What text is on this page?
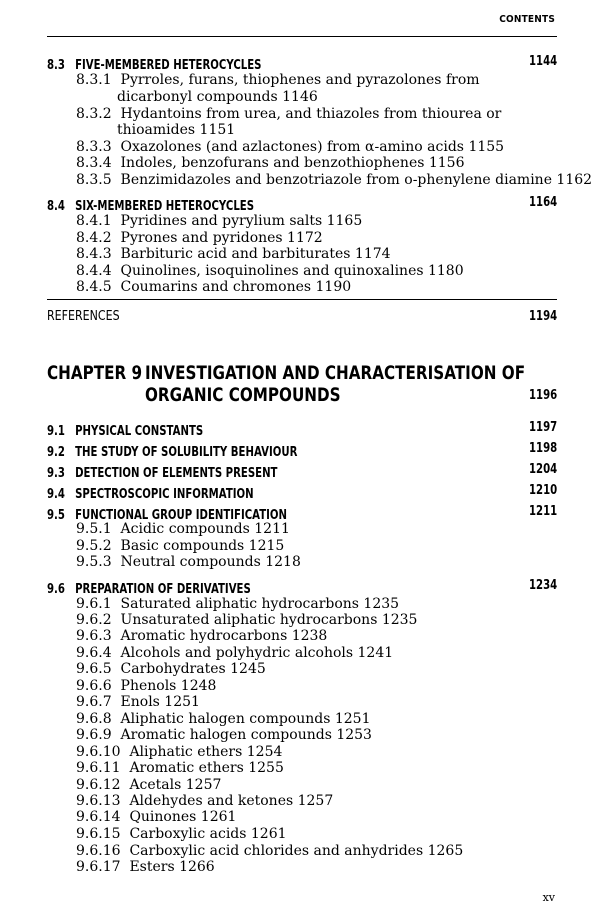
CONTENTS
8.3 FIVE-MEMBERED HETEROCYCLES	1144
8.3.1 Pyrroles, furans, thiophenes and pyrazolones from
dicarbonyl compounds 1146
8.3.2 Hydantoins from urea, and thiazoles from thiourea or
thioamides 1151
8.3.3 Oxazolones (and azlactones) from α-amino acids 1155
8.3.4 Indoles, benzofurans and benzothiophenes 1156
8.3.5 Benzimidazoles and benzotriazole from o-phenylene diamine 1162
8.4 SIX-MEMBERED HETEROCYCLES	1164
8.4.1 Pyridines and pyrylium salts 1165
8.4.2 Pyrones and pyridones 1172
8.4.3 Barbituric acid and barbiturates 1174
8.4.4 Quinolines, isoquinolines and quinoxalines 1180
8.4.5 Coumarins and chromones 1190
REFERENCES	1194
CHAPTER 9 INVESTIGATION AND CHARACTERISATION OF
ORGANIC COMPOUNDS	1196
9.1 PHYSICAL CONSTANTS	1197
9.2 THE STUDY OF SOLUBILITY BEHAVIOUR	1198
9.3 DETECTION OF ELEMENTS PRESENT	1204
9.4 SPECTROSCOPIC INFORMATION	1210
9.5 FUNCTIONAL GROUP IDENTIFICATION	1211
9.5.1 Acidic compounds 1211
9.5.2 Basic compounds 1215
9.5.3 Neutral compounds 1218
9.6 PREPARATION OF DERIVATIVES	1234
9.6.1 Saturated aliphatic hydrocarbons 1235
9.6.2 Unsaturated aliphatic hydrocarbons 1235
9.6.3 Aromatic hydrocarbons 1238
9.6.4 Alcohols and polyhydric alcohols 1241
9.6.5 Carbohydrates 1245
9.6.6 Phenols 1248
9.6.7 Enols 1251
9.6.8 Aliphatic halogen compounds 1251
9.6.9 Aromatic halogen compounds 1253
9.6.10 Aliphatic ethers 1254
9.6.11 Aromatic ethers 1255
9.6.12 Acetals 1257
9.6.13 Aldehydes and ketones 1257
9.6.14 Quinones 1261
9.6.15 Carboxylic acids 1261
9.6.16 Carboxylic acid chlorides and anhydrides 1265
9.6.17 Esters 1266
xv
